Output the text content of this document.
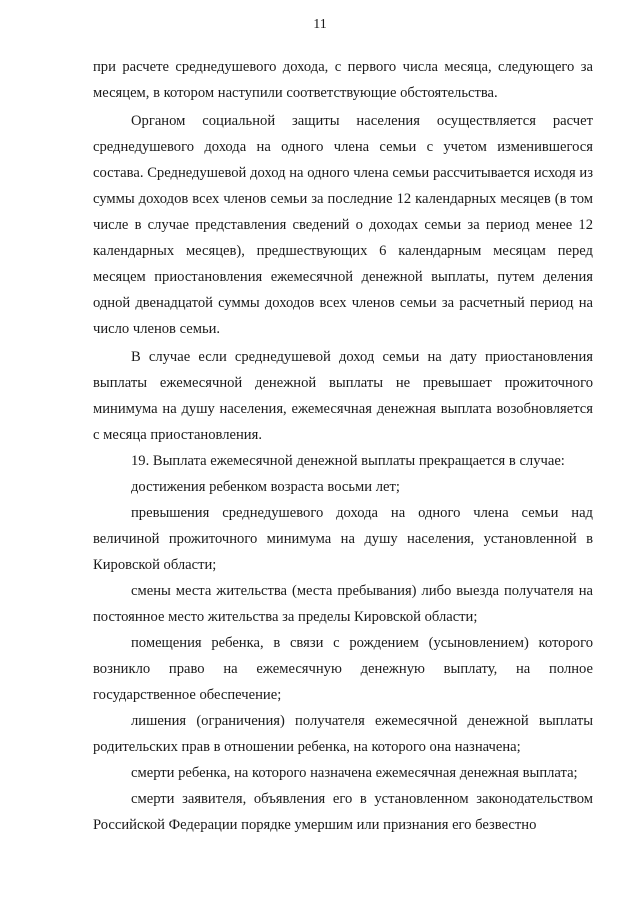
11

при расчете среднедушевого дохода, с первого числа месяца, следующего за месяцем, в котором наступили соответствующие обстоятельства.

Органом социальной защиты населения осуществляется расчет среднедушевого дохода на одного члена семьи с учетом изменившегося состава. Среднедушевой доход на одного члена семьи рассчитывается исходя из суммы доходов всех членов семьи за последние 12 календарных месяцев (в том числе в случае представления сведений о доходах семьи за период менее 12 календарных месяцев), предшествующих 6 календарным месяцам перед месяцем приостановления ежемесячной денежной выплаты, путем деления одной двенадцатой суммы доходов всех членов семьи за расчетный период на число членов семьи.

В случае если среднедушевой доход семьи на дату приостановления выплаты ежемесячной денежной выплаты не превышает прожиточного минимума на душу населения, ежемесячная денежная выплата возобновляется с месяца приостановления.

19. Выплата ежемесячной денежной выплаты прекращается в случае:

достижения ребенком возраста восьми лет;

превышения среднедушевого дохода на одного члена семьи над величиной прожиточного минимума на душу населения, установленной в Кировской области;

смены места жительства (места пребывания) либо выезда получателя на постоянное место жительства за пределы Кировской области;

помещения ребенка, в связи с рождением (усыновлением) которого возникло право на ежемесячную денежную выплату, на полное государственное обеспечение;

лишения (ограничения) получателя ежемесячной денежной выплаты родительских прав в отношении ребенка, на которого она назначена;

смерти ребенка, на которого назначена ежемесячная денежная выплата;

смерти заявителя, объявления его в установленном законодательством Российской Федерации порядке умершим или признания его безвестно
